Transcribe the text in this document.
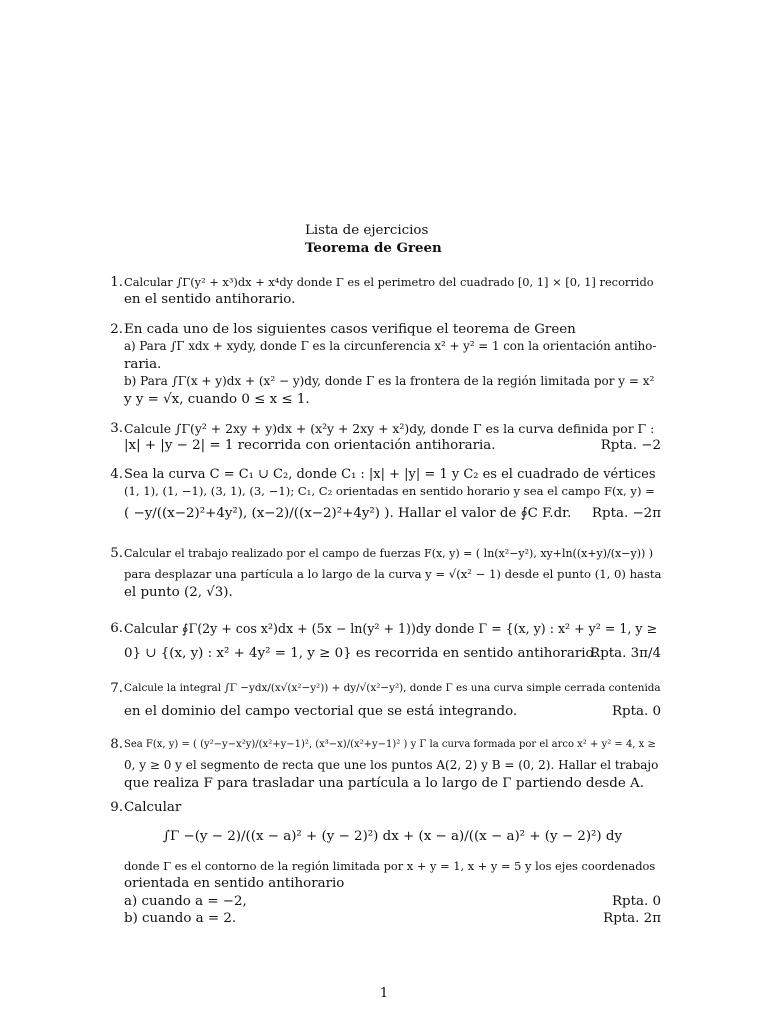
Lista de ejercicios
Teorema de Green
1. Calcular ∫Γ(y² + x³)dx + x⁴dy donde Γ es el perimetro del cuadrado [0, 1] × [0, 1] recorrido
en el sentido antihorario.
2. En cada uno de los siguientes casos verifique el teorema de Green
a) Para ∫Γ xdx + xydy, donde Γ es la circunferencia x² + y² = 1 con la orientación antiho-
raria.
b) Para ∫Γ(x + y)dx + (x² − y)dy, donde Γ es la frontera de la región limitada por y = x²
y y = √x, cuando 0 ≤ x ≤ 1.
3. Calcule ∫Γ(y² + 2xy + y)dx + (x²y + 2xy + x²)dy, donde Γ es la curva definida por Γ :
|x| + |y − 2| = 1 recorrida con orientación antihoraria.	Rpta. −2
4. Sea la curva C = C₁ ∪ C₂, donde C₁ : |x| + |y| = 1 y C₂ es el cuadrado de vértices
(1, 1), (1, −1), (3, 1), (3, −1); C₁, C₂ orientadas en sentido horario y sea el campo F(x, y) =
( −y/((x−2)²+4y²), (x−2)/((x−2)²+4y²) ). Hallar el valor de ∮C F.dr. Rpta. −2π
5. Calcular el trabajo realizado por el campo de fuerzas F(x, y) = ( ln(x²−y²), xy+ln((x+y)/(x−y)) )
para desplazar una partícula a lo largo de la curva y = √(x² − 1) desde el punto (1, 0) hasta
el punto (2, √3).
6. Calcular ∮Γ(2y + cos x²)dx + (5x − ln(y² + 1))dy donde Γ = {(x, y) : x² + y² = 1, y ≥
0} ∪ {(x, y) : x² + 4y² = 1, y ≥ 0} es recorrida en sentido antihorario.
Rpta. 3π/4
7. Calcule la integral ∫Γ −ydx/(x√(x²−y²)) + dy/√(x²−y²), donde Γ es una curva simple cerrada contenida
en el dominio del campo vectorial que se está integrando.	Rpta. 0
8. Sea F(x, y) = ( (y²−y−x²y)/(x²+y−1)², (x³−x)/(x²+y−1)² ) y Γ la curva formada por el arco x² + y² = 4, x ≥
0, y ≥ 0 y el segmento de recta que une los puntos A(2, 2) y B = (0, 2). Hallar el trabajo
que realiza F para trasladar una partícula a lo largo de Γ partiendo desde A.
9. Calcular
∫Γ −(y − 2)/((x − a)² + (y − 2)²) dx + (x − a)/((x − a)² + (y − 2)²) dy
donde Γ es el contorno de la región limitada por x + y = 1, x + y = 5 y los ejes coordenados
orientada en sentido antihorario
a) cuando a = −2,	Rpta. 0
b) cuando a = 2.	Rpta. 2π
1
